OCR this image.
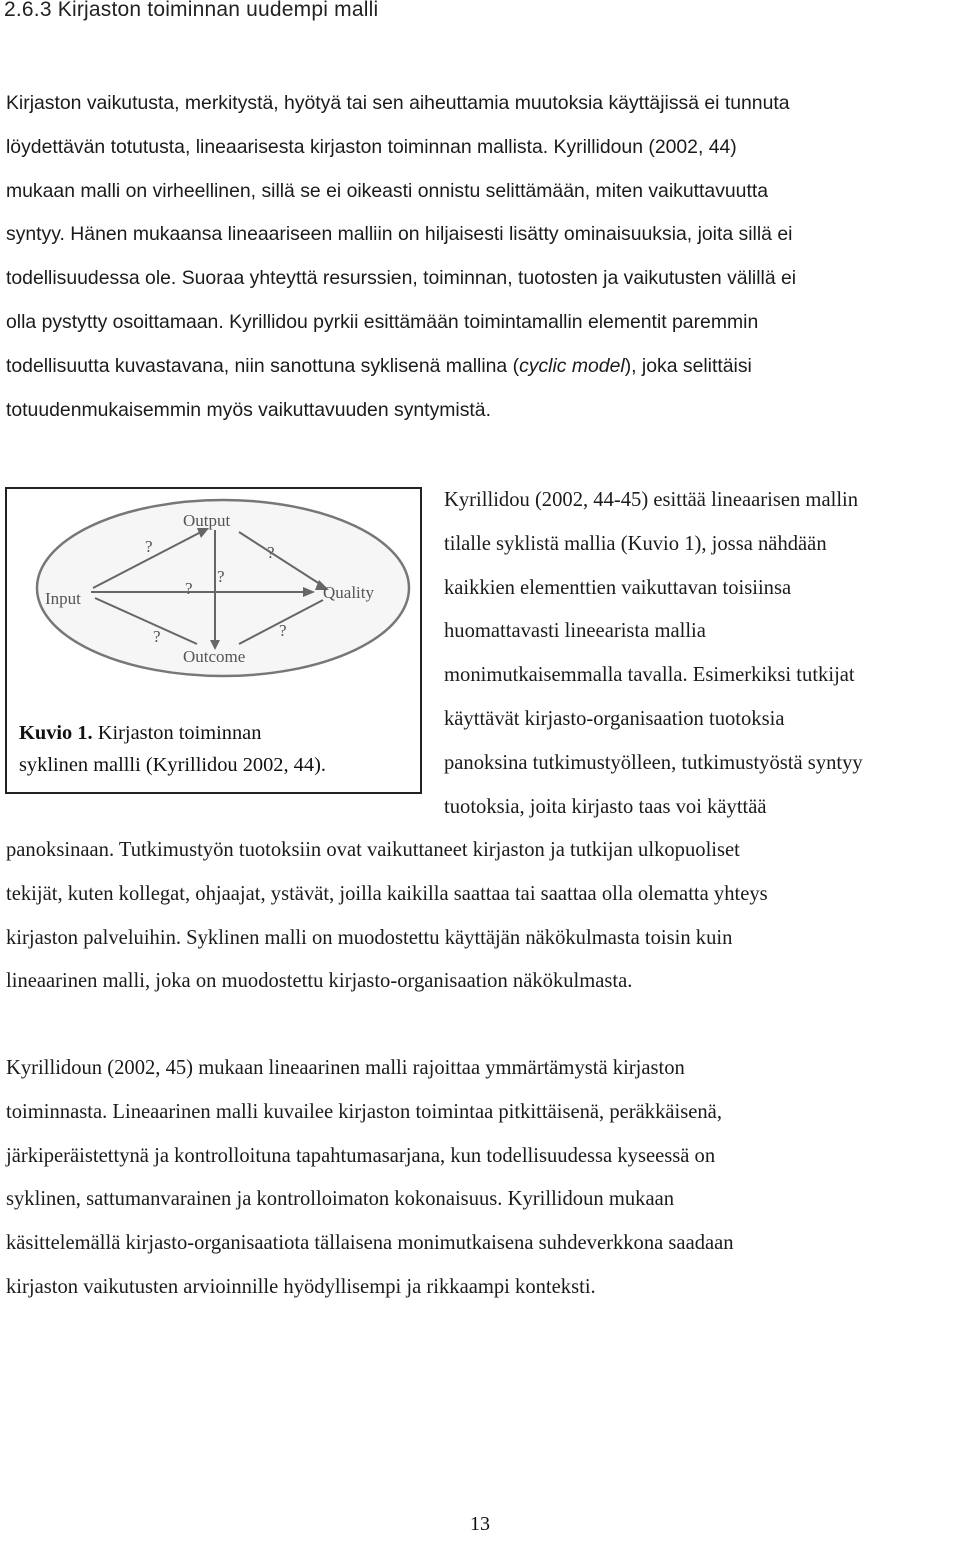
2.6.3 Kirjaston toiminnan uudempi malli

Kirjaston vaikutusta, merkitystä, hyötyä tai sen aiheuttamia muutoksia käyttäjissä ei tunnuta
löydettävän totutusta, lineaarisesta kirjaston toiminnan mallista. Kyrillidoun (2002, 44)
mukaan malli on virheellinen, sillä se ei oikeasti onnistu selittämään, miten vaikuttavuutta
syntyy. Hänen mukaansa lineaariseen malliin on hiljaisesti lisätty ominaisuuksia, joita sillä ei
todellisuudessa ole. Suoraa yhteyttä resurssien, toiminnan, tuotosten ja vaikutusten välillä ei
olla pystytty osoittamaan. Kyrillidou pyrkii esittämään toimintamallin elementit paremmin
todellisuutta kuvastavana, niin sanottuna syklisenä mallina (cyclic model), joka selittäisi
totuudenmukaisemmin myös vaikuttavuuden syntymistä.

Output
Input	Quality
Outcome
?	?
?
?
?	?

Kuvio 1. Kirjaston toiminnan
syklinen mallli (Kyrillidou 2002, 44).

Kyrillidou (2002, 44-45) esittää lineaarisen mallin
tilalle syklistä mallia (Kuvio 1), jossa nähdään
kaikkien elementtien vaikuttavan toisiinsa
huomattavasti lineearista mallia
monimutkaisemmalla tavalla. Esimerkiksi tutkijat
käyttävät kirjasto-organisaation tuotoksia
panoksina tutkimustyölleen, tutkimustyöstä syntyy
tuotoksia, joita kirjasto taas voi käyttää

panoksinaan. Tutkimustyön tuotoksiin ovat vaikuttaneet kirjaston ja tutkijan ulkopuoliset
tekijät, kuten kollegat, ohjaajat, ystävät, joilla kaikilla saattaa tai saattaa olla olematta yhteys
kirjaston palveluihin. Syklinen malli on muodostettu käyttäjän näkökulmasta toisin kuin
lineaarinen malli, joka on muodostettu kirjasto-organisaation näkökulmasta.

Kyrillidoun (2002, 45) mukaan lineaarinen malli rajoittaa ymmärtämystä kirjaston
toiminnasta. Lineaarinen malli kuvailee kirjaston toimintaa pitkittäisenä, peräkkäisenä,
järkiperäistettynä ja kontrolloituna tapahtumasarjana, kun todellisuudessa kyseessä on
syklinen, sattumanvarainen ja kontrolloimaton kokonaisuus. Kyrillidoun mukaan
käsittelemällä kirjasto-organisaatiota tällaisena monimutkaisena suhdeverkkona saadaan
kirjaston vaikutusten arvioinnille hyödyllisempi ja rikkaampi konteksti.

13
